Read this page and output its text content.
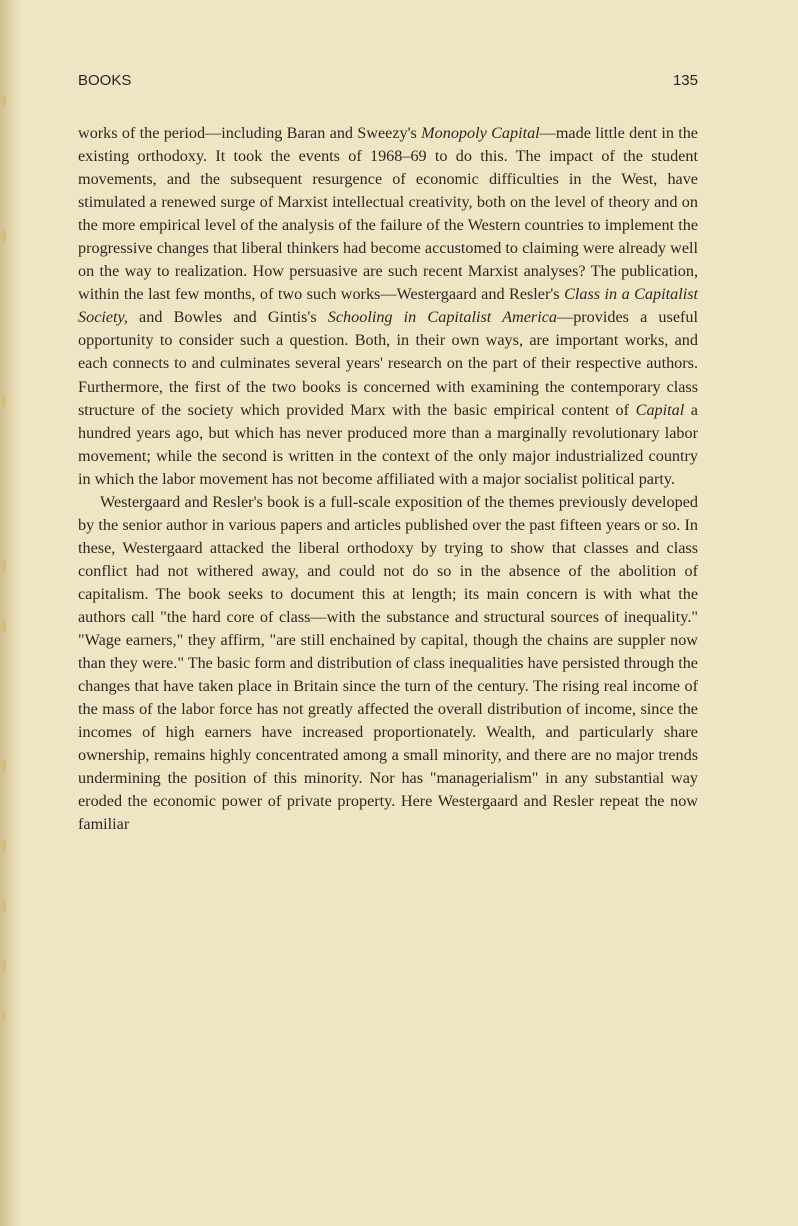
BOOKS	135

works of the period—including Baran and Sweezy's Monopoly Capital—made little dent in the existing orthodoxy. It took the events of 1968–69 to do this. The impact of the student movements, and the subsequent resurgence of economic difficulties in the West, have stimulated a renewed surge of Marxist intellectual creativity, both on the level of theory and on the more empirical level of the analysis of the failure of the Western countries to implement the progressive changes that liberal thinkers had become accustomed to claiming were already well on the way to realization. How persuasive are such recent Marxist analyses? The publication, within the last few months, of two such works—Westergaard and Resler's Class in a Capitalist Society, and Bowles and Gintis's Schooling in Capitalist America—provides a useful opportunity to consider such a question. Both, in their own ways, are important works, and each connects to and culminates several years' research on the part of their respective authors. Furthermore, the first of the two books is concerned with examining the contemporary class structure of the society which provided Marx with the basic empirical content of Capital a hundred years ago, but which has never produced more than a marginally revolutionary labor movement; while the second is written in the context of the only major industrialized country in which the labor movement has not become affiliated with a major socialist political party.

Westergaard and Resler's book is a full-scale exposition of the themes previously developed by the senior author in various papers and articles published over the past fifteen years or so. In these, Westergaard attacked the liberal orthodoxy by trying to show that classes and class conflict had not withered away, and could not do so in the absence of the abolition of capitalism. The book seeks to document this at length; its main concern is with what the authors call "the hard core of class—with the substance and structural sources of inequality." "Wage earners," they affirm, "are still enchained by capital, though the chains are suppler now than they were." The basic form and distribution of class inequalities have persisted through the changes that have taken place in Britain since the turn of the century. The rising real income of the mass of the labor force has not greatly affected the overall distribution of income, since the incomes of high earners have increased proportionately. Wealth, and particularly share ownership, remains highly concentrated among a small minority, and there are no major trends undermining the position of this minority. Nor has "managerialism" in any substantial way eroded the economic power of private property. Here Westergaard and Resler repeat the now familiar
